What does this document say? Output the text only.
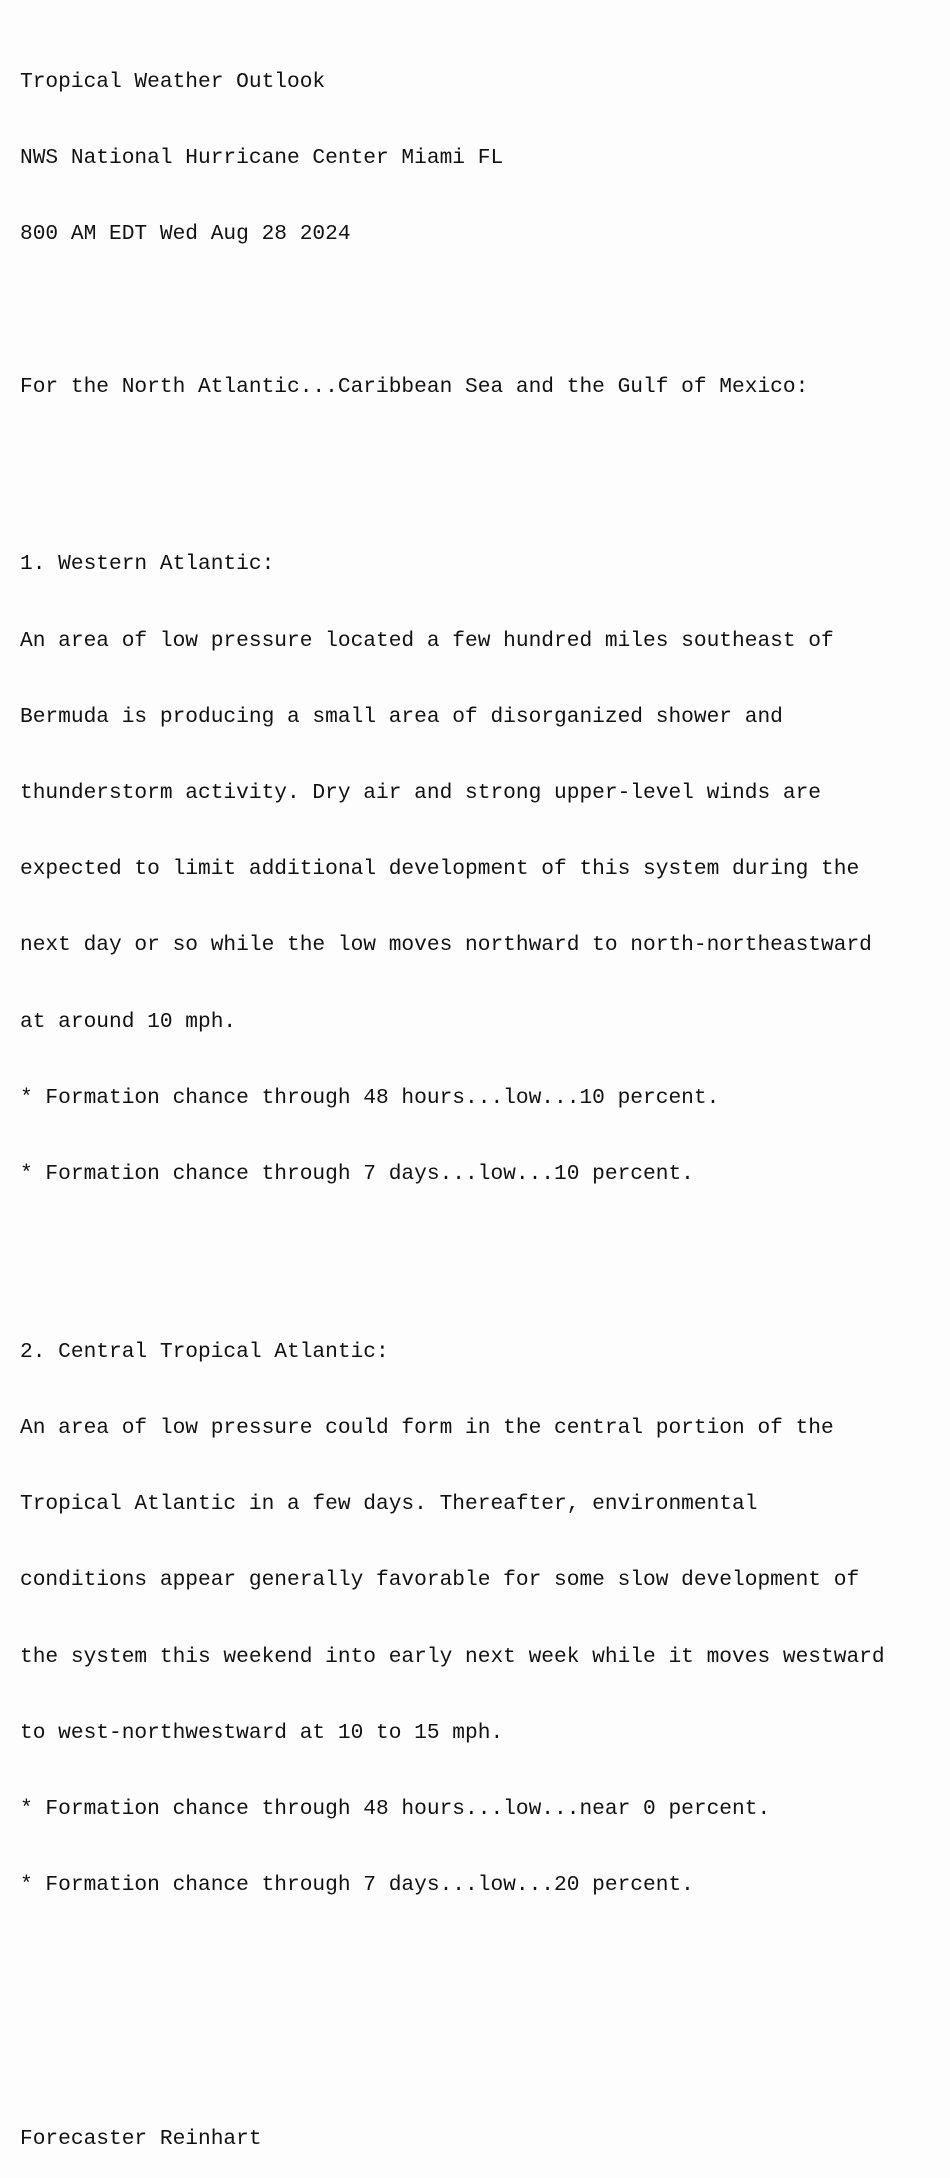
Tropical Weather Outlook

NWS National Hurricane Center Miami FL

800 AM EDT Wed Aug 28 2024

For the North Atlantic...Caribbean Sea and the Gulf of Mexico:

1. Western Atlantic:

An area of low pressure located a few hundred miles southeast of

Bermuda is producing a small area of disorganized shower and

thunderstorm activity. Dry air and strong upper-level winds are

expected to limit additional development of this system during the

next day or so while the low moves northward to north-northeastward

at around 10 mph.

* Formation chance through 48 hours...low...10 percent.

* Formation chance through 7 days...low...10 percent.

2. Central Tropical Atlantic:

An area of low pressure could form in the central portion of the

Tropical Atlantic in a few days. Thereafter, environmental

conditions appear generally favorable for some slow development of

the system this weekend into early next week while it moves westward

to west-northwestward at 10 to 15 mph.

* Formation chance through 48 hours...low...near 0 percent.

* Formation chance through 7 days...low...20 percent.

Forecaster Reinhart
